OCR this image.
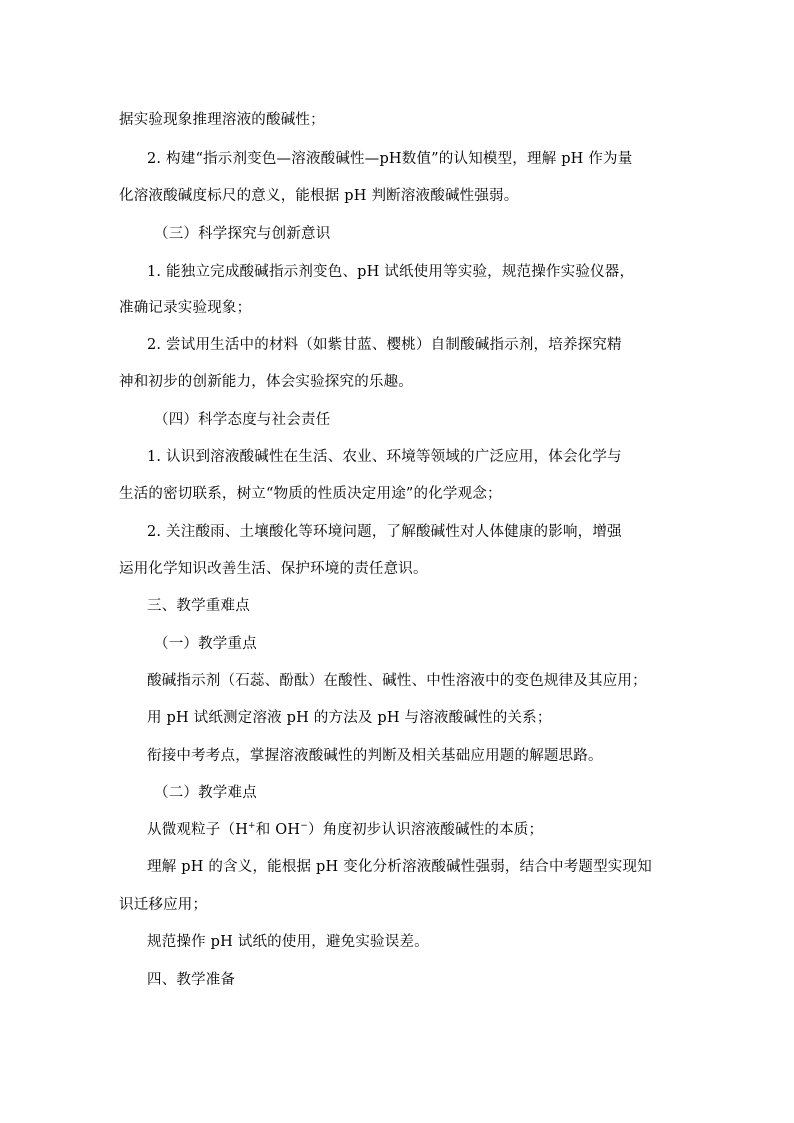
据实验现象推理溶液的酸碱性；
2. 构建“指示剂变色—溶液酸碱性—pH数值”的认知模型，理解 pH 作为量
化溶液酸碱度标尺的意义，能根据 pH 判断溶液酸碱性强弱。
（三）科学探究与创新意识
1. 能独立完成酸碱指示剂变色、pH 试纸使用等实验，规范操作实验仪器，
准确记录实验现象；
2. 尝试用生活中的材料（如紫甘蓝、樱桃）自制酸碱指示剂，培养探究精
神和初步的创新能力，体会实验探究的乐趣。
（四）科学态度与社会责任
1. 认识到溶液酸碱性在生活、农业、环境等领域的广泛应用，体会化学与
生活的密切联系，树立“物质的性质决定用途”的化学观念；
2. 关注酸雨、土壤酸化等环境问题，了解酸碱性对人体健康的影响，增强
运用化学知识改善生活、保护环境的责任意识。
三、教学重难点
（一）教学重点
酸碱指示剂（石蕊、酚酞）在酸性、碱性、中性溶液中的变色规律及其应用；
用 pH 试纸测定溶液 pH 的方法及 pH 与溶液酸碱性的关系；
衔接中考考点，掌握溶液酸碱性的判断及相关基础应用题的解题思路。
（二）教学难点
从微观粒子（H+和 OH−）角度初步认识溶液酸碱性的本质；
理解 pH 的含义，能根据 pH 变化分析溶液酸碱性强弱，结合中考题型实现知
识迁移应用；
规范操作 pH 试纸的使用，避免实验误差。
四、教学准备
